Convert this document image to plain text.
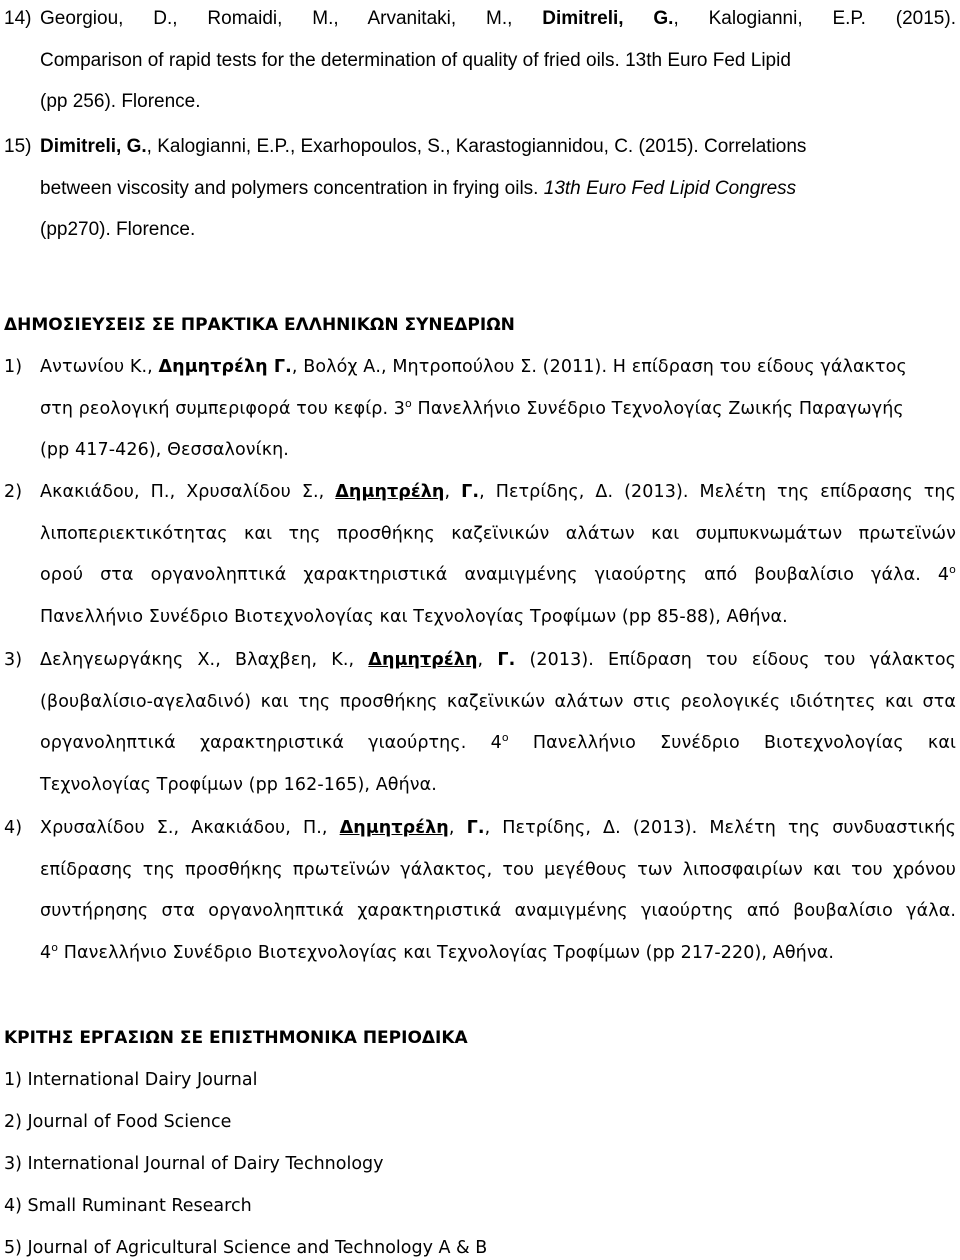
14) Georgiou, D., Romaidi, M., Arvanitaki, M., Dimitreli, G., Kalogianni, E.P. (2015).
Comparison of rapid tests for the determination of quality of fried oils. 13th Euro Fed Lipid
(pp 256). Florence.
15) Dimitreli, G., Kalogianni, E.P., Exarhopoulos, S., Karastogiannidou, C. (2015). Correlations
between viscosity and polymers concentration in frying oils. 13th Euro Fed Lipid Congress
(pp270). Florence.
ΔΗΜΟΣΙΕΥΣΕΙΣ ΣΕ ΠΡΑΚΤΙΚΑ ΕΛΛΗΝΙΚΩΝ ΣΥΝΕΔΡΙΩΝ
1) Αντωνίου Κ., Δημητρέλη Γ., Βολόχ Α., Μητροπούλου Σ. (2011). Η επίδραση του είδους γάλακτος
στη ρεολογική συμπεριφορά του κεφίρ. $3^o$ Πανελλήνιο Συνέδριο Τεχνολογίας Ζωικής Παραγωγής
(pp 417-426), Θεσσαλονίκη.
2) Ακακιάδου, Π., Χρυσαλίδου Σ., Δημητρέλη, Γ., Πετρίδης, Δ. (2013). Μελέτη της επίδρασης της
λιποπεριεκτικότητας και της προσθήκης καζεϊνικών αλάτων και συμπυκνωμάτων πρωτεϊνών
ορού στα οργανοληπτικά χαρακτηριστικά αναμιγμένης γιαούρτης από βουβαλίσιο γάλα. $4^o$
Πανελλήνιο Συνέδριο Βιοτεχνολογίας και Τεχνολογίας Τροφίμων (pp 85-88), Αθήνα.
3) Δεληγεωργάκης Χ., Βλαχβεη, Κ., Δημητρέλη, Γ. (2013). Επίδραση του είδους του γάλακτος
(βουβαλίσιο-αγελαδινό) και της προσθήκης καζεϊνικών αλάτων στις ρεολογικές ιδιότητες και στα
οργανοληπτικά χαρακτηριστικά γιαούρτης. $4^o$ Πανελλήνιο Συνέδριο Βιοτεχνολογίας και
Τεχνολογίας Τροφίμων (pp 162-165), Αθήνα.
4) Χρυσαλίδου Σ., Ακακιάδου, Π., Δημητρέλη, Γ., Πετρίδης, Δ. (2013). Μελέτη της συνδυαστικής
επίδρασης της προσθήκης πρωτεϊνών γάλακτος, του μεγέθους των λιποσφαιρίων και του χρόνου
συντήρησης στα οργανοληπτικά χαρακτηριστικά αναμιγμένης γιαούρτης από βουβαλίσιο γάλα.
$4^o$ Πανελλήνιο Συνέδριο Βιοτεχνολογίας και Τεχνολογίας Τροφίμων (pp 217-220), Αθήνα.
ΚΡΙΤΗΣ ΕΡΓΑΣΙΩΝ ΣΕ ΕΠΙΣΤΗΜΟΝΙΚΑ ΠΕΡΙΟΔΙΚΑ
1) International Dairy Journal
2) Journal of Food Science
3) International Journal of Dairy Technology
4) Small Ruminant Research
5) Journal of Agricultural Science and Technology A & B
